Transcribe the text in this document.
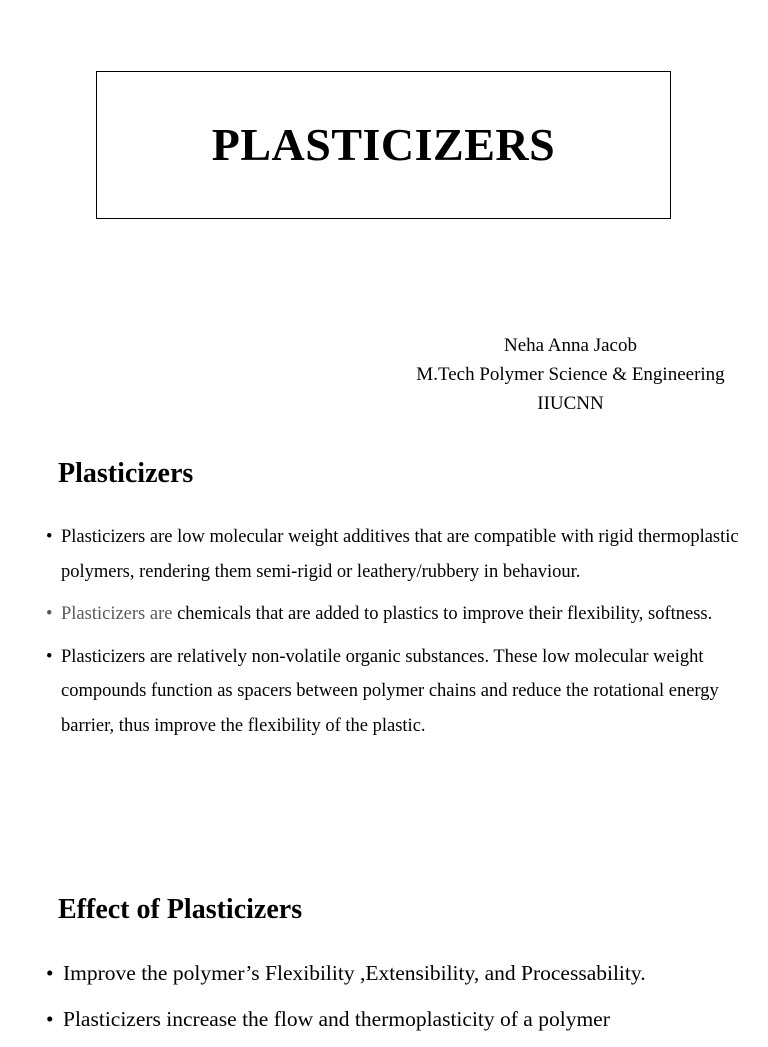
PLASTICIZERS
Neha Anna Jacob
M.Tech Polymer Science & Engineering
IIUCNN
Plasticizers
• Plasticizers are low molecular weight additives that are compatible with rigid thermoplastic polymers, rendering them semi-rigid or leathery/rubbery in behaviour.
• Plasticizers are chemicals that are added to plastics to improve their flexibility, softness.
• Plasticizers are relatively non-volatile organic substances. These low molecular weight compounds function as spacers between polymer chains and reduce the rotational energy barrier, thus improve the flexibility of the plastic.
Effect of Plasticizers
• Improve the polymer’s Flexibility ,Extensibility, and Processability.
• Plasticizers increase the flow and thermoplasticity of a polymer
